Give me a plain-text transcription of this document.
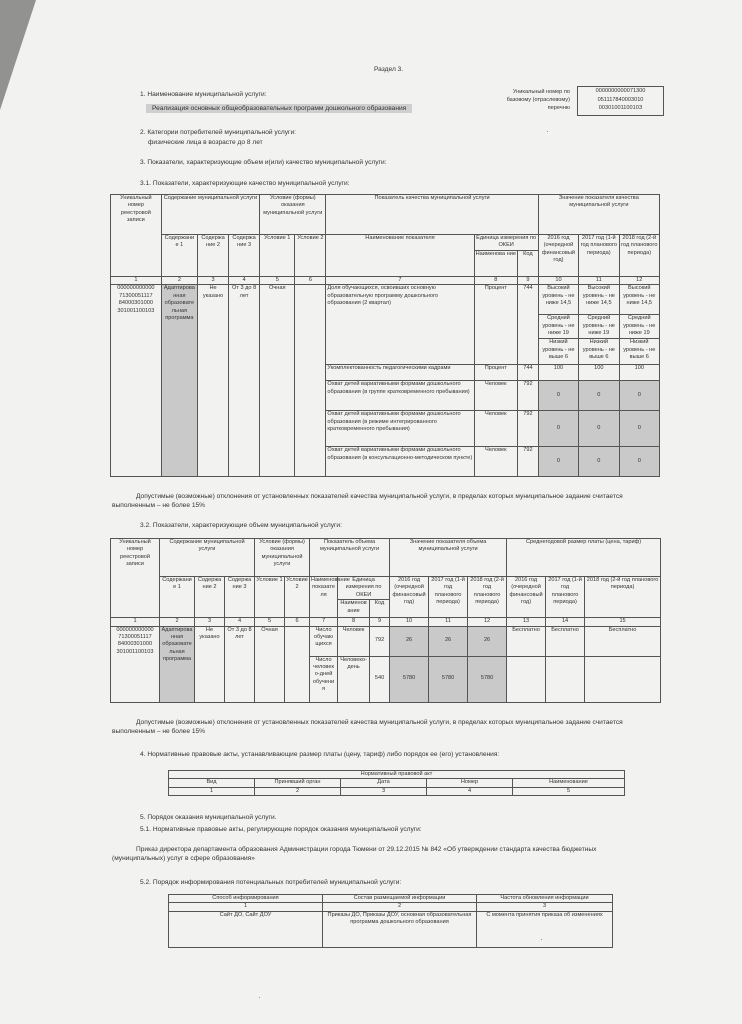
Раздел 3.
1. Наименование муниципальной услуги:
Реализация основных общеобразовательных программ дошкольного образования
Уникальный номер по
базовому (отраслевому)
перечню
0000000000071300
051117840003010
0030100110010З
2. Категории потребителей муниципальной услуги:
физические лица в возрасте до 8 лет
3. Показатели, характеризующие объем и(или) качество муниципальной услуги:
3.1. Показатели, характеризующие качество муниципальной услуги:
Уникальный номер реестровой записи	Содержание муниципальной услуги			Условие (формы) оказания муниципальной услуги		Показатель качества муниципальной услуги			Значение показателя качества муниципальной услуги		
	Содержани е 1	Содержа ние 2	Содержа ние 3	Условие 1	Условие 2	Наименование показателя	Единица измерения по ОКЕИ		2016 год (очередной финансовый год)	2017 год (1-й год планового периода)	2018 год (2-й год планового периода)
							Наименова ние	Код			
1	2	3	4	5	6	7	8	9	10	11	12
000000000000 71300051117 84000301000 301001100103	Адаптирова нная образовате льная программа	Не указано	От 3 до 8 лет	Очная		Доля обучающихся, освоивших основную образовательную программу дошкольного образования (2 квартал)	Процент	744	Высокий уровень - не ниже 14,5	Высокий уровень - не ниже 14,5	Высокий уровень - не ниже 14,5
									Средний уровень - не ниже 19	Средний уровень - не ниже 19	Средний уровень - не ниже 19
									Низкий уровень - не выше 6	Низкий уровень - не выше 6	Низкий уровень - не выше 6
						Укомплектованность педагогическими кадрами	Процент	744	100	100	100
						Охват детей вариативными формами дошкольного образования (в группе кратковременного пребывания)	Человек	792	0	0	0
						Охват детей вариативными формами дошкольного образования (в режиме интегрированного кратковременного пребывания)	Человек	792	0	0	0
						Охват детей вариативными формами дошкольного образования (в консультационно-методическом пункте)	Человек	792	0	0	0
Допустимые (возможные) отклонения от установленных показателей качества муниципальной услуги, в пределах которых муниципальное задание считается выполненным – не более 15%
3.2. Показатели, характеризующие объем муниципальной услуги:
Уникальный номер реестровой записи	Содержание муниципальной услуги			Условие (формы) оказания муниципальной услуги		Показатель объема муниципальной услуги			Значение показателя объема муниципальной услуги			Среднегодовой размер платы (цена, тариф)		
	Содержани е 1	Содержа ние 2	Содержа ние 3	Условие 1	Условие 2	Наименование показате ля	Единица измерения по ОКЕИ		2016 год (очередной финансовый год)	2017 год (1-й год планового периода)	2018 год (2-й год планового периода)	2016 год (очередной финансовый год)	2017 год (1-й год планового периода)	2018 год (2-й год планового периода)
							Наименов ание	Код						
1	2	3	4	5	6	7	8	9	10	11	12	13	14	15
000000000000 71300051117 84000301000 301001100103	Адаптирова нная образовате льная программа	Не указано	От 3 до 8 лет	Очная		Число обучаю щихся	Человек	792	26	26	26	Бесплатно	Бесплатно	Бесплатно
						Число человек о-дней обучени я	Человеко-день	540	5780	5780	5780			
Допустимые (возможные) отклонения от установленных показателей качества муниципальной услуги, в пределах которых муниципальное задание считается выполненным – не более 15%
4. Нормативные правовые акты, устанавливающие размер платы (цену, тариф) либо порядок ее (его) установления:
Нормативный правовой акт				
Вид	Принявший орган	Дата	Номер	Наименование
1	2	3	4	5
5. Порядок оказания муниципальной услуги.
5.1. Нормативные правовые акты, регулирующие порядок оказания муниципальной услуги:
Приказ директора департамента образования Администрации города Тюмени от 29.12.2015 № 842 «Об утверждении стандарта качества бюджетных (муниципальных) услуг в сфере образования»
5.2. Порядок информирования потенциальных потребителей муниципальной услуги:
Способ информирования	Состав размещаемой информации	Частота обновления информации
1	2	3
Сайт ДО, Сайт ДОУ	Приказы ДО, Приказы ДОУ, основная образовательная программа дошкольного образования	С момента принятия приказа об изменениях
·
·
·
